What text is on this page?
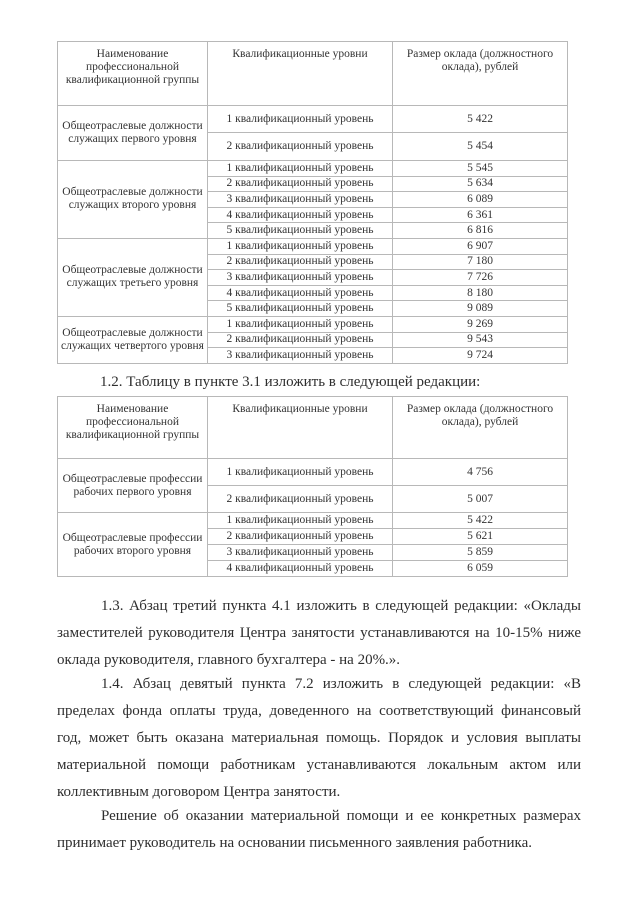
Наименование профессиональной квалификационной группы	Квалификационные уровни	Размер оклада (должностного оклада), рублей
Общеотраслевые должности служащих первого уровня	1 квалификационный уровень	5 422
	2 квалификационный уровень	5 454
Общеотраслевые должности служащих второго уровня	1 квалификационный уровень	5 545
	2 квалификационный уровень	5 634
	3 квалификационный уровень	6 089
	4 квалификационный уровень	6 361
	5 квалификационный уровень	6 816
Общеотраслевые должности служащих третьего уровня	1 квалификационный уровень	6 907
	2 квалификационный уровень	7 180
	3 квалификационный уровень	7 726
	4 квалификационный уровень	8 180
	5 квалификационный уровень	9 089
Общеотраслевые должности служащих четвертого уровня	1 квалификационный уровень	9 269
	2 квалификационный уровень	9 543
	3 квалификационный уровень	9 724
1.2. Таблицу в пункте 3.1 изложить в следующей редакции:
Наименование профессиональной квалификационной группы	Квалификационные уровни	Размер оклада (должностного оклада), рублей
Общеотраслевые профессии рабочих первого уровня	1 квалификационный уровень	4 756
	2 квалификационный уровень	5 007
Общеотраслевые профессии рабочих второго уровня	1 квалификационный уровень	5 422
	2 квалификационный уровень	5 621
	3 квалификационный уровень	5 859
	4 квалификационный уровень	6 059

1.3. Абзац третий пункта 4.1 изложить в следующей редакции: «Оклады заместителей руководителя Центра занятости устанавливаются на 10-15% ниже оклада руководителя, главного бухгалтера - на 20%.».

1.4. Абзац девятый пункта 7.2 изложить в следующей редакции: «В пределах фонда оплаты труда, доведенного на соответствующий финансовый год, может быть оказана материальная помощь. Порядок и условия выплаты материальной помощи работникам устанавливаются локальным актом или коллективным договором Центра занятости.

Решение об оказании материальной помощи и ее конкретных размерах принимает руководитель на основании письменного заявления работника.
